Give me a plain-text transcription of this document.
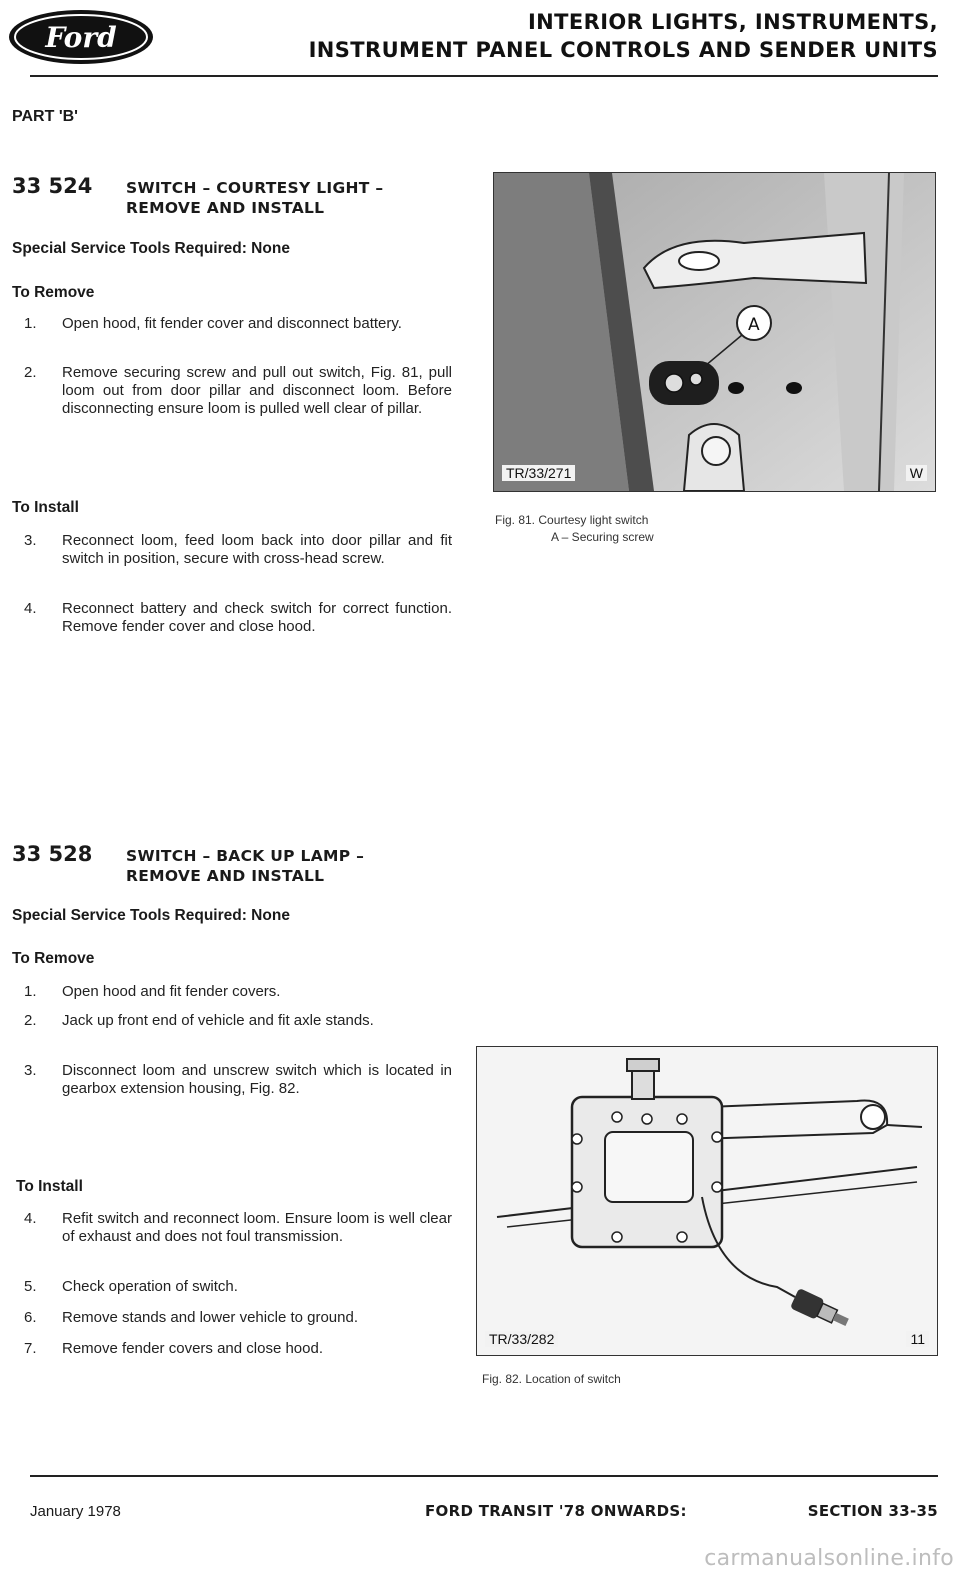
Ford	INTERIOR LIGHTS, INSTRUMENTS,
INSTRUMENT PANEL CONTROLS AND SENDER UNITS
PART 'B'
33 524 SWITCH – COURTESY LIGHT –
REMOVE AND INSTALL
Special Service Tools Required: None
To Remove
1. Open hood, fit fender cover and disconnect battery.
2. Remove securing screw and pull out switch, Fig. 81, pull loom out from door pillar and disconnect loom. Before disconnecting ensure loom is pulled well clear of pillar.
To Install
3. Reconnect loom, feed loom back into door pillar and fit switch in position, secure with cross-head screw.
4. Reconnect battery and check switch for correct function. Remove fender cover and close hood.
A
TR/33/271	W
Fig. 81. Courtesy light switch
A – Securing screw
33 528 SWITCH – BACK UP LAMP –
REMOVE AND INSTALL
Special Service Tools Required: None
To Remove
1. Open hood and fit fender covers.
2. Jack up front end of vehicle and fit axle stands.
3. Disconnect loom and unscrew switch which is located in gearbox extension housing, Fig. 82.
To Install
4. Refit switch and reconnect loom. Ensure loom is well clear of exhaust and does not foul transmission.
5. Check operation of switch.
6. Remove stands and lower vehicle to ground.
7. Remove fender covers and close hood.
TR/33/282	11
Fig. 82. Location of switch
January 1978	FORD TRANSIT '78 ONWARDS:	SECTION 33-35
carmanualsonline.info
